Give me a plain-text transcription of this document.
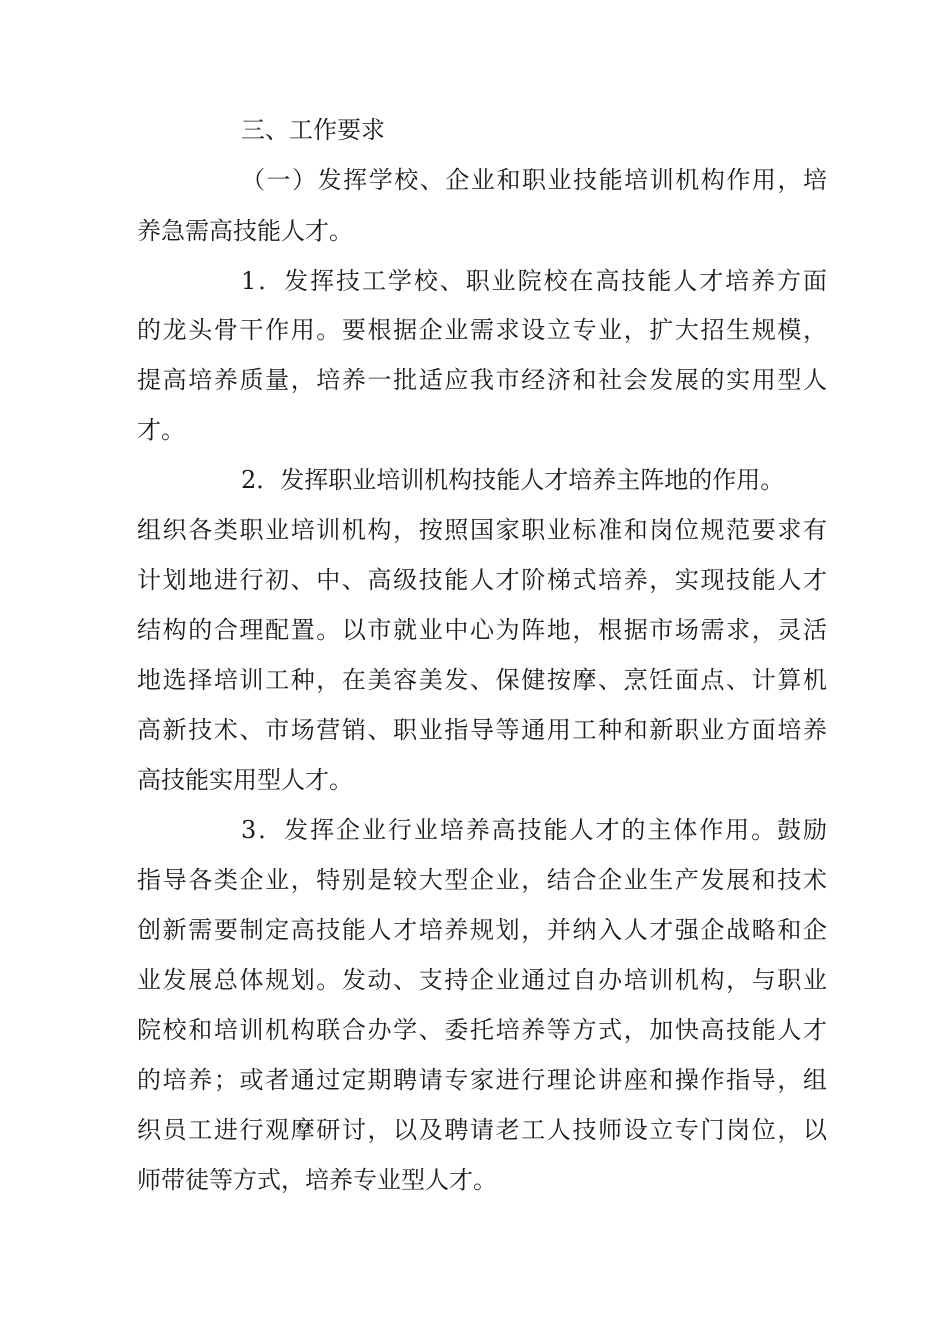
三、工作要求
（一）发挥学校、企业和职业技能培训机构作用，培
养急需高技能人才。
1．发挥技工学校、职业院校在高技能人才培养方面
的龙头骨干作用。要根据企业需求设立专业，扩大招生规模，
提高培养质量，培养一批适应我市经济和社会发展的实用型人
才。
2．发挥职业培训机构技能人才培养主阵地的作用。
组织各类职业培训机构，按照国家职业标准和岗位规范要求有
计划地进行初、中、高级技能人才阶梯式培养，实现技能人才
结构的合理配置。以市就业中心为阵地，根据市场需求，灵活
地选择培训工种，在美容美发、保健按摩、烹饪面点、计算机
高新技术、市场营销、职业指导等通用工种和新职业方面培养
高技能实用型人才。
3．发挥企业行业培养高技能人才的主体作用。鼓励
指导各类企业，特别是较大型企业，结合企业生产发展和技术
创新需要制定高技能人才培养规划，并纳入人才强企战略和企
业发展总体规划。发动、支持企业通过自办培训机构，与职业
院校和培训机构联合办学、委托培养等方式，加快高技能人才
的培养；或者通过定期聘请专家进行理论讲座和操作指导，组
织员工进行观摩研讨，以及聘请老工人技师设立专门岗位，以
师带徒等方式，培养专业型人才。
